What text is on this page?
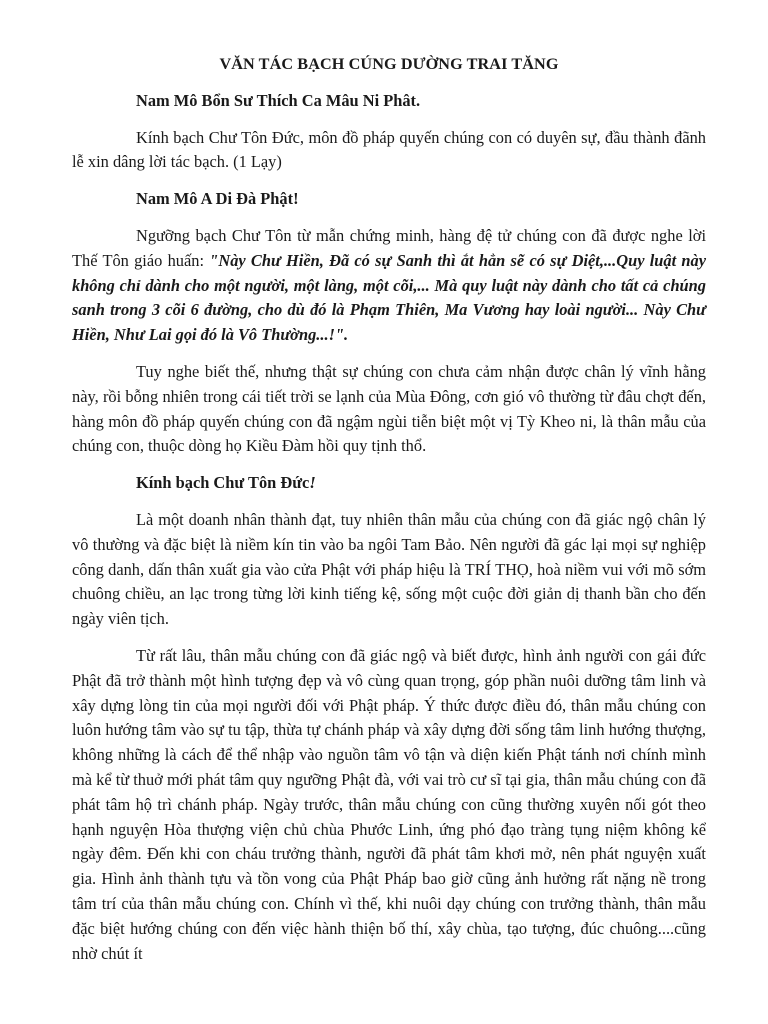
VĂN TÁC BẠCH CÚNG DƯỜNG TRAI TĂNG
Nam Mô Bổn Sư Thích Ca Mâu Ni Phât.
Kính bạch Chư Tôn Đức, môn đồ pháp quyến chúng con có duyên sự, đầu thành đãnh lễ xin dâng lời tác bạch. (1 Lạy)
Nam Mô A Di Đà Phật!
Ngưỡng bạch Chư Tôn từ mẫn chứng minh, hàng đệ tử chúng con đã được nghe lời Thế Tôn giáo huấn: "Này Chư Hiền, Đã có sự Sanh thì ắt hẳn sẽ có sự Diệt,...Quy luật này không chỉ dành cho một người, một làng, một cõi,... Mà quy luật này dành cho tất cả chúng sanh trong 3 cõi 6 đường, cho dù đó là Phạm Thiên, Ma Vương hay loài người... Này Chư Hiền, Như Lai gọi đó là Vô Thường...!".
Tuy nghe biết thế, nhưng thật sự chúng con chưa cảm nhận được chân lý vĩnh hằng này, rồi bỗng nhiên trong cái tiết trời se lạnh của Mùa Đông, cơn gió vô thường từ đâu chợt đến, hàng môn đồ pháp quyến chúng con đã ngậm ngùi tiễn biệt một vị Tỳ Kheo ni, là thân mẫu của chúng con, thuộc dòng họ Kiều Đàm hồi quy tịnh thổ.
Kính bạch Chư Tôn Đức!
Là một doanh nhân thành đạt, tuy nhiên thân mẫu của chúng con đã giác ngộ chân lý vô thường và đặc biệt là niềm kín tin vào ba ngôi Tam Bảo. Nên người đã gác lại mọi sự nghiệp công danh, dấn thân xuất gia vào cửa Phật với pháp hiệu là TRÍ THỌ, hoà niềm vui với mõ sớm chuông chiều, an lạc trong từng lời kinh tiếng kệ, sống một cuộc đời giản dị thanh bần cho đến ngày viên tịch.
Từ rất lâu, thân mẫu chúng con đã giác ngộ và biết được, hình ảnh người con gái đức Phật đã trở thành một hình tượng đẹp và vô cùng quan trọng, góp phần nuôi dưỡng tâm linh và xây dựng lòng tin của mọi người đối với Phật pháp. Ý thức được điều đó, thân mẫu chúng con luôn hướng tâm vào sự tu tập, thừa tự chánh pháp và xây dựng đời sống tâm linh hướng thượng, không những là cách để thể nhập vào nguồn tâm vô tận và diện kiến Phật tánh nơi chính mình mà kể từ thuở mới phát tâm quy ngưỡng Phật đà, với vai trò cư sĩ tại gia, thân mẫu chúng con đã phát tâm hộ trì chánh pháp. Ngày trước, thân mẫu chúng con cũng thường xuyên nối gót theo hạnh nguyện Hòa thượng viện chủ chùa Phước Linh, ứng phó đạo tràng tụng niệm không kể ngày đêm. Đến khi con cháu trưởng thành, người đã phát tâm khơi mở, nên phát nguyện xuất gia. Hình ảnh thành tựu và tồn vong của Phật Pháp bao giờ cũng ảnh hưởng rất nặng nề trong tâm trí của thân mẫu chúng con. Chính vì thế, khi nuôi dạy chúng con trưởng thành, thân mẫu đặc biệt hướng chúng con đến việc hành thiện bố thí, xây chùa, tạo tượng, đúc chuông....cũng nhờ chút ít
